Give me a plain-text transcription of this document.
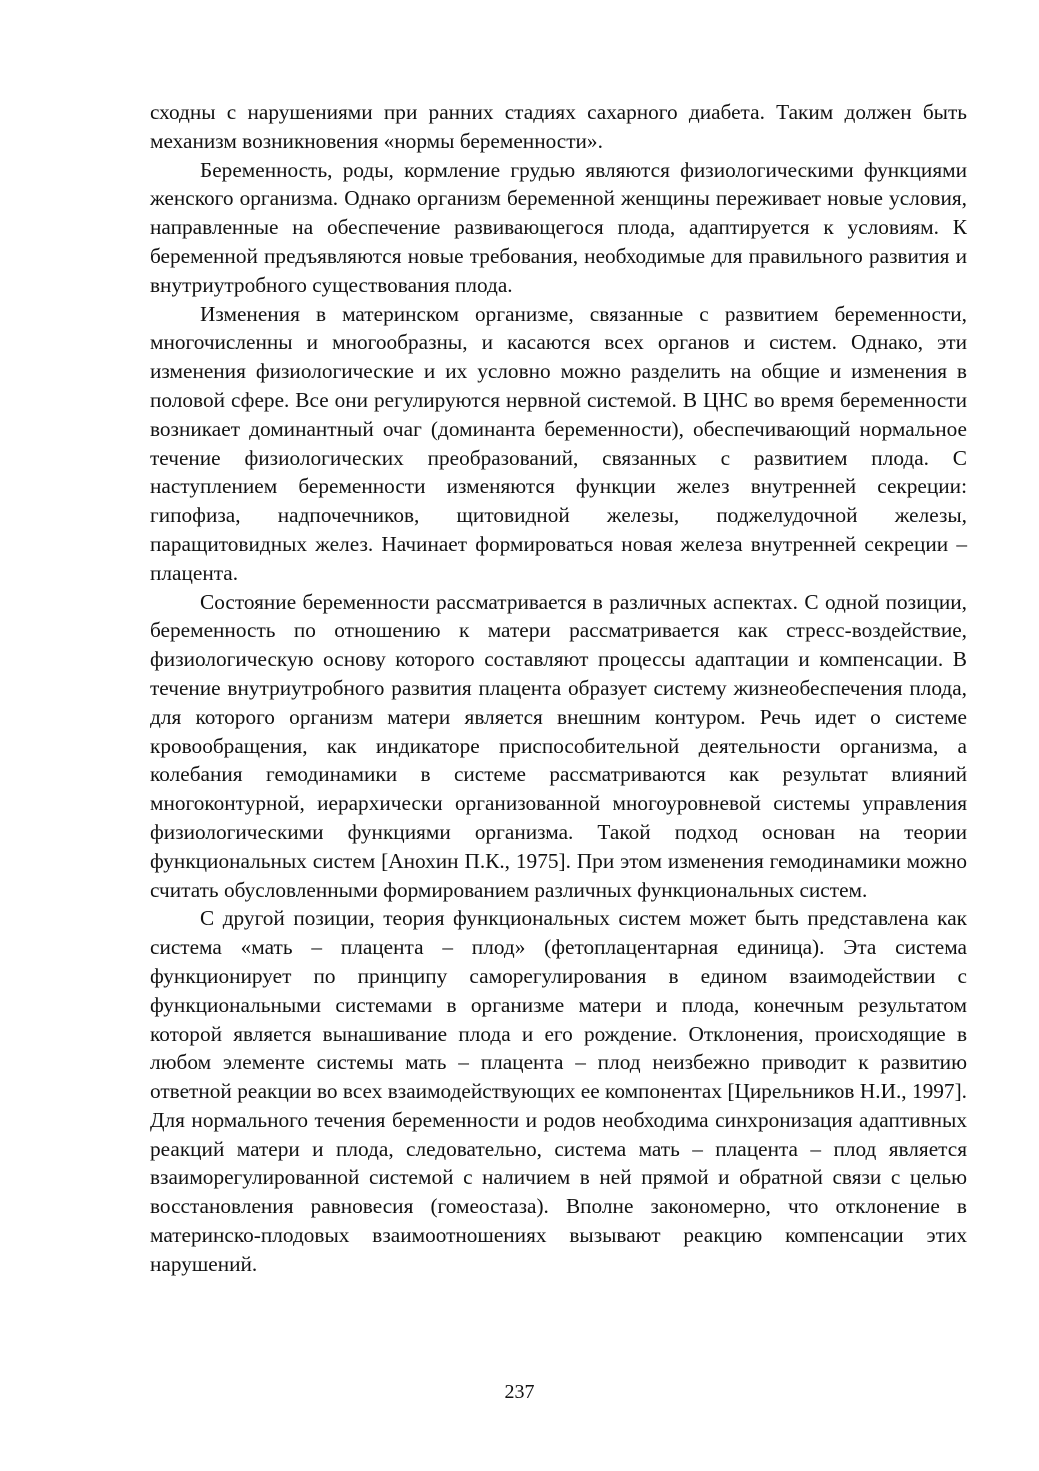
сходны с нарушениями при ранних стадиях сахарного диабета. Таким должен быть механизм возникновения «нормы беременности».

Беременность, роды, кормление грудью являются физиологическими функциями женского организма. Однако организм беременной женщины переживает новые условия, направленные на обеспечение развивающегося плода, адаптируется к условиям. К беременной предъявляются новые требования, необходимые для правильного развития и внутриутробного существования плода.

Изменения в материнском организме, связанные с развитием беременности, многочисленны и многообразны, и касаются всех органов и систем. Однако, эти изменения физиологические и их условно можно разделить на общие и изменения в половой сфере. Все они регулируются нервной системой. В ЦНС во время беременности возникает доминантный очаг (доминанта беременности), обеспечивающий нормальное течение физиологических преобразований, связанных с развитием плода. С наступлением беременности изменяются функции желез внутренней секреции: гипофиза, надпочечников, щитовидной железы, поджелудочной железы, паращитовидных желез. Начинает формироваться новая железа внутренней секреции – плацента.

Состояние беременности рассматривается в различных аспектах. С одной позиции, беременность по отношению к матери рассматривается как стресс-воздействие, физиологическую основу которого составляют процессы адаптации и компенсации. В течение внутриутробного развития плацента образует систему жизнеобеспечения плода, для которого организм матери является внешним контуром. Речь идет о системе кровообращения, как индикаторе приспособительной деятельности организма, а колебания гемодинамики в системе рассматриваются как результат влияний многоконтурной, иерархически организованной многоуровневой системы управления физиологическими функциями организма. Такой подход основан на теории функциональных систем [Анохин П.К., 1975]. При этом изменения гемодинамики можно считать обусловленными формированием различных функциональных систем.

С другой позиции, теория функциональных систем может быть представлена как система «мать – плацента – плод» (фетоплацентарная единица). Эта система функционирует по принципу саморегулирования в едином взаимодействии с функциональными системами в организме матери и плода, конечным результатом которой является вынашивание плода и его рождение. Отклонения, происходящие в любом элементе системы мать – плацента – плод неизбежно приводит к развитию ответной реакции во всех взаимодействующих ее компонентах [Цирельников Н.И., 1997]. Для нормального течения беременности и родов необходима синхронизация адаптивных реакций матери и плода, следовательно, система мать – плацента – плод является взаиморегулированной системой с наличием в ней прямой и обратной связи с целью восстановления равновесия (гомеостаза). Вполне закономерно, что отклонение в материнско-плодовых взаимоотношениях вызывают реакцию компенсации этих нарушений.

237
